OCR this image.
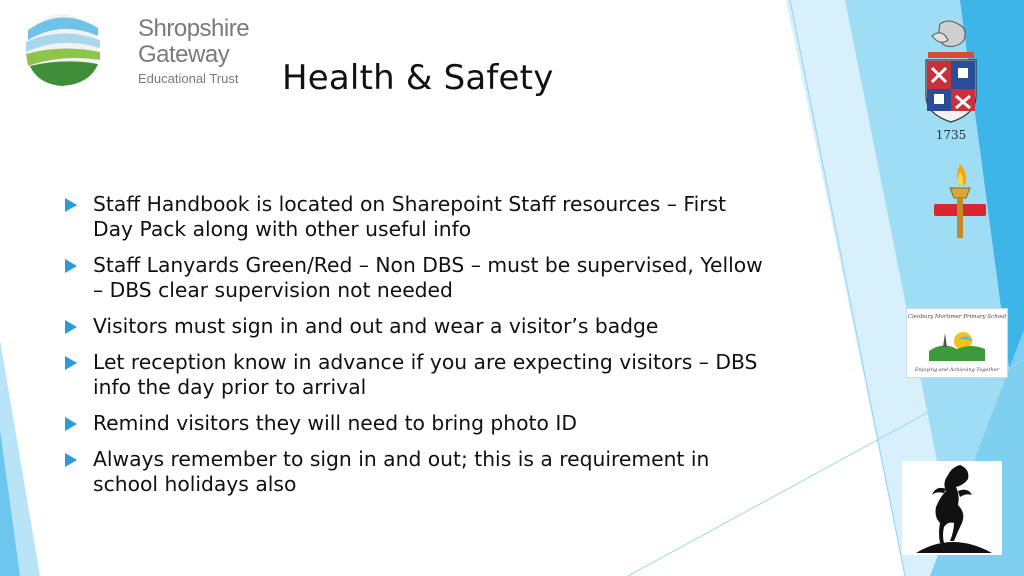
Shropshire
Gateway
Educational Trust	Health & Safety
Staff Handbook is located on Sharepoint Staff resources – First Day Pack along with other useful info
Staff Lanyards Green/Red – Non DBS – must be supervised, Yellow – DBS clear supervision not needed
Visitors must sign in and out and wear a visitor’s badge
Let reception know in advance if you are expecting visitors – DBS info the day prior to arrival
Remind visitors they will need to bring photo ID
Always remember to sign in and out; this is a requirement in school holidays also
1735
Cleobury Mortimer Primary School
Enjoying and Achieving Together
